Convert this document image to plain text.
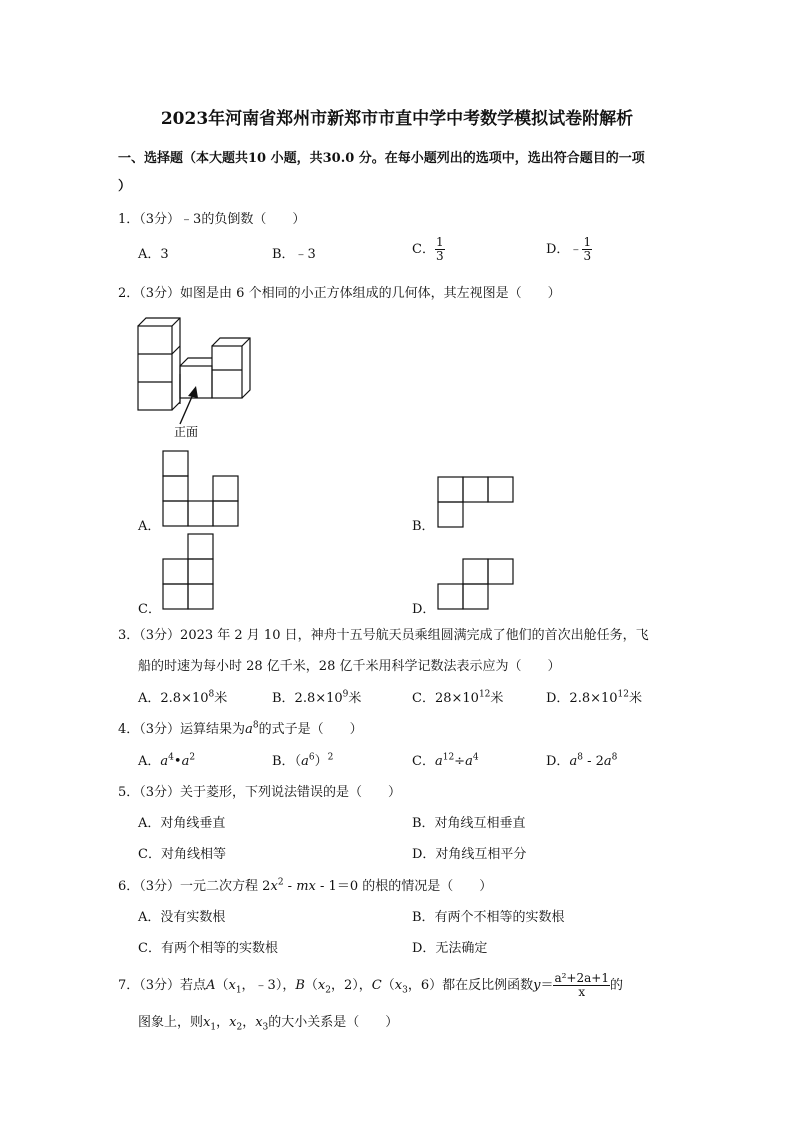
2023年河南省郑州市新郑市市直中学中考数学模拟试卷附解析
一、选择题（本大题共10 小题，共30.0 分。在每小题列出的选项中，选出符合题目的一项
）
1．（3分）﹣3的负倒数（　　）
A．3	B．﹣3	C． $\frac{1}{3}$	D．﹣ $\frac{1}{3}$
2．（3分）如图是由 6 个相同的小正方体组成的几何体，其左视图是（　　）
正面
A．	B．
C．	D．
3．（3分）2023 年 2 月 10 日，神舟十五号航天员乘组圆满完成了他们的首次出舱任务，飞
船的时速为每小时 28 亿千米，28 亿千米用科学记数法表示应为（　　）
A．$2.8\times 10^8$米	B．$2.8\times 10^9$米	C．$28\times 10^{12}$米	D．$2.8\times 10^{12}$米
4．（3分）运算结果为$a^8$的式子是（　　）
A．$a^4•a^2$	B．$(a^6)^2$	C．$a^{12}\div a^4$	D．$a^8 - 2a^8$
5．（3分）关于菱形，下列说法错误的是（　　）
A．对角线垂直	B．对角线互相垂直
C．对角线相等	D．对角线互相平分
6．（3分）一元二次方程 $2x^2$ - mx - 1＝0 的根的情况是（　　）
A．没有实数根	B．有两个不相等的实数根
C．有两个相等的实数根	D．无法确定
7．（3分）若点$A(x_1$，﹣3），$B(x_2$，2），$C(x_3$，6）都在反比例函数$y= \frac{\text{a²+2a+1}}{x}$ 的
图象上，则$x_1$，$x_2$，$x_3$的大小关系是（　　）
